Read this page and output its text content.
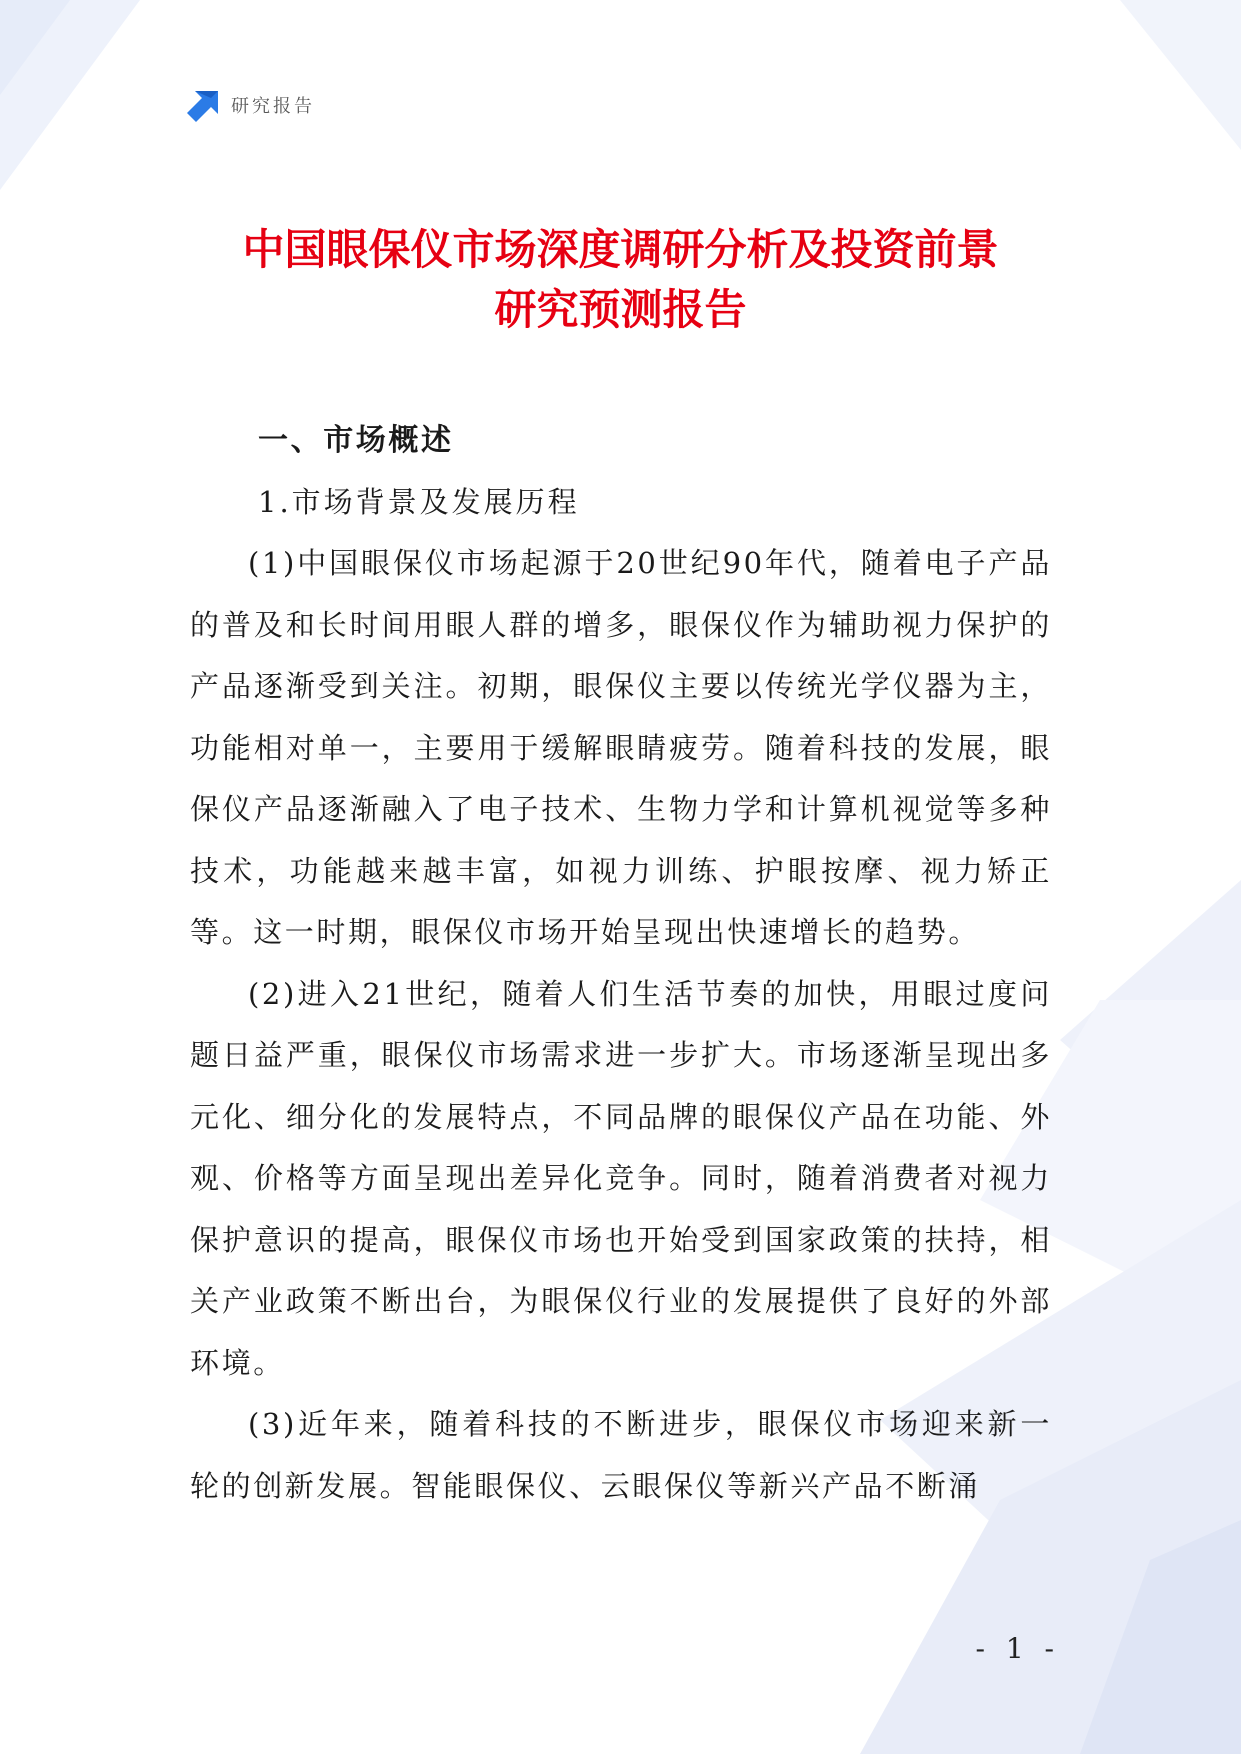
研究报告
中国眼保仪市场深度调研分析及投资前景
研究预测报告

一、市场概述

1.市场背景及发展历程

(1)中国眼保仪市场起源于20世纪90年代，随着电子产品的普及和长时间用眼人群的增多，眼保仪作为辅助视力保护的产品逐渐受到关注。初期，眼保仪主要以传统光学仪器为主，功能相对单一，主要用于缓解眼睛疲劳。随着科技的发展，眼保仪产品逐渐融入了电子技术、生物力学和计算机视觉等多种技术，功能越来越丰富，如视力训练、护眼按摩、视力矫正等。这一时期，眼保仪市场开始呈现出快速增长的趋势。

(2)进入21世纪，随着人们生活节奏的加快，用眼过度问题日益严重，眼保仪市场需求进一步扩大。市场逐渐呈现出多元化、细分化的发展特点，不同品牌的眼保仪产品在功能、外观、价格等方面呈现出差异化竞争。同时，随着消费者对视力保护意识的提高，眼保仪市场也开始受到国家政策的扶持，相关产业政策不断出台，为眼保仪行业的发展提供了良好的外部环境。

(3)近年来，随着科技的不断进步，眼保仪市场迎来新一轮的创新发展。智能眼保仪、云眼保仪等新兴产品不断涌

- 1 -
